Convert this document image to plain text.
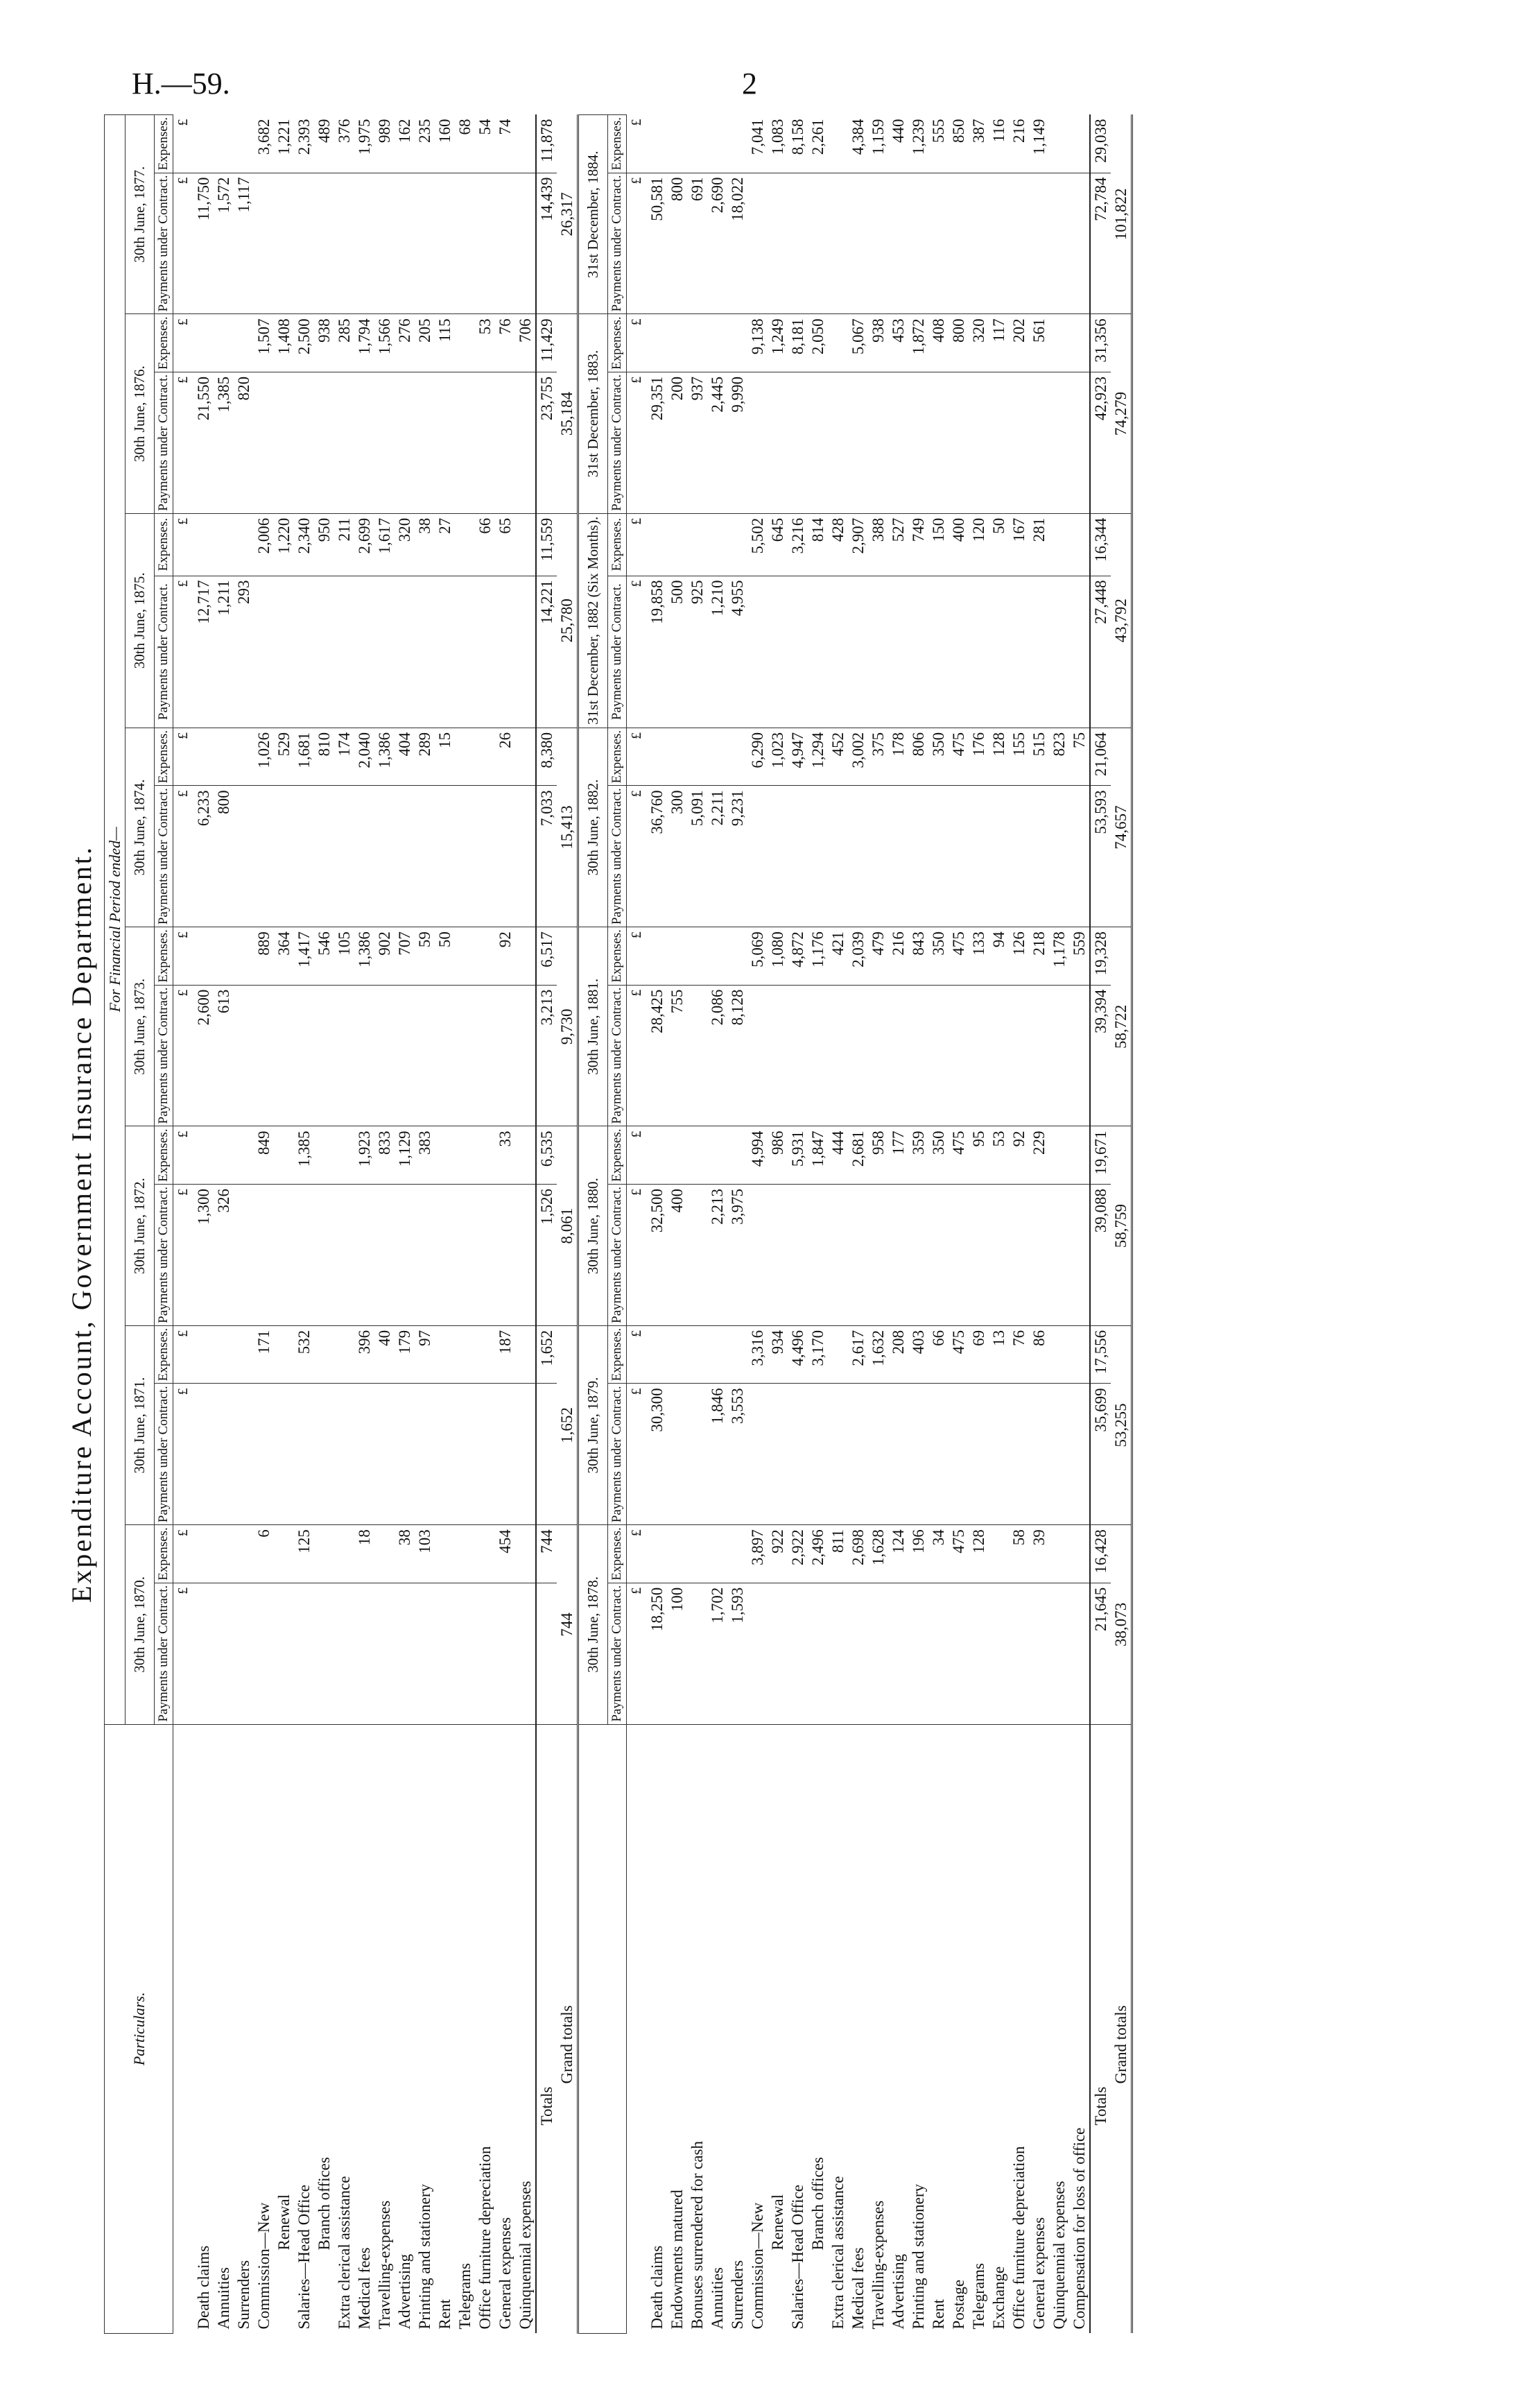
H.—59.	2
Expenditure Account, Government Insurance Department.
Particulars.	For Financial Period ended—															
	30th June, 1870.		30th June, 1871.		30th June, 1872.		30th June, 1873.		30th June, 1874.		30th June, 1875.		30th June, 1876.		30th June, 1877.	
	Payments under Contract.	Expenses.	Payments under Contract.	Expenses.	Payments under Contract.	Expenses.	Payments under Contract.	Expenses.	Payments under Contract.	Expenses.	Payments under Contract.	Expenses.	Payments under Contract.	Expenses.	Payments under Contract.	Expenses.
	£	£	£	£	£	£	£	£	£	£	£	£	£	£	£	£
Death claims					1,300		2,600		6,233		12,717		21,550		11,750	
Annuities					326		613		800		1,211		1,385		1,572	
Surrenders											293		820		1,117	
Commission—New		6		171		849		889		1,026		2,006		1,507		3,682
Renewal								364		529		1,220		1,408		1,221
Salaries—Head Office		125		532		1,385		1,417		1,681		2,340		2,500		2,393
Branch offices								546		810		950		938		489
Extra clerical assistance								105		174		211		285		376
Medical fees		18		396		1,923		1,386		2,040		2,699		1,794		1,975
Travelling-expenses				40		833		902		1,386		1,617		1,566		989
Advertising		38		179		1,129		707		404		320		276		162
Printing and stationery		103		97		383		59		289		38		205		235
Rent								50		15		27		115		160
Telegrams																68
Office furniture depreciation												66		53		54
General expenses		454		187		33		92		26		65		76		74
Quinquennial expenses														706		
Totals		744		1,652	1,526	6,535	3,213	6,517	7,033	8,380	14,221	11,559	23,755	11,429	14,439	11,878
Grand totals	744		1,652		8,061		9,730		15,413		25,780		35,184		26,317	
	30th June, 1878.		30th June, 1879.		30th June, 1880.		30th June, 1881.		30th June, 1882.		31st December, 1882 (Six Months).		31st December, 1883.		31st December, 1884.	
	Payments under Contract.	Expenses.	Payments under Contract.	Expenses.	Payments under Contract.	Expenses.	Payments under Contract.	Expenses.	Payments under Contract.	Expenses.	Payments under Contract.	Expenses.	Payments under Contract.	Expenses.	Payments under Contract.	Expenses.
	£	£	£	£	£	£	£	£	£	£	£	£	£	£	£	£
Death claims	18,250		30,300		32,500		28,425		36,760		19,858		29,351		50,581	
Endowments matured	100				400		755		300		500		200		800	
Bonuses surrendered for cash									5,091		925		937		691	
Annuities	1,702		1,846		2,213		2,086		2,211		1,210		2,445		2,690	
Surrenders	1,593		3,553		3,975		8,128		9,231		4,955		9,990		18,022	
Commission—New		3,897		3,316		4,994		5,069		6,290		5,502		9,138		7,041
Renewal		922		934		986		1,080		1,023		645		1,249		1,083
Salaries—Head Office		2,922		4,496		5,931		4,872		4,947		3,216		8,181		8,158
Branch offices		2,496		3,170		1,847		1,176		1,294		814		2,050		2,261
Extra clerical assistance		811				444		421		452		428				
Medical fees		2,698		2,617		2,681		2,039		3,002		2,907		5,067		4,384
Travelling-expenses		1,628		1,632		958		479		375		388		938		1,159
Advertising		124		208		177		216		178		527		453		440
Printing and stationery		196		403		359		843		806		749		1,872		1,239
Rent		34		66		350		350		350		150		408		555
Postage		475		475		475		475		475		400		800		850
Telegrams		128		69		95		133		176		120		320		387
Exchange				13		53		94		128		50		117		116
Office furniture depreciation		58		76		92		126		155		167		202		216
General expenses		39		86		229		218		515		281		561		1,149
Quinquennial expenses								1,178		823						
Compensation for loss of office								559		75						
Totals	21,645	16,428	35,699	17,556	39,088	19,671	39,394	19,328	53,593	21,064	27,448	16,344	42,923	31,356	72,784	29,038
Grand totals	38,073		53,255		58,759		58,722		74,657		43,792		74,279		101,822	
